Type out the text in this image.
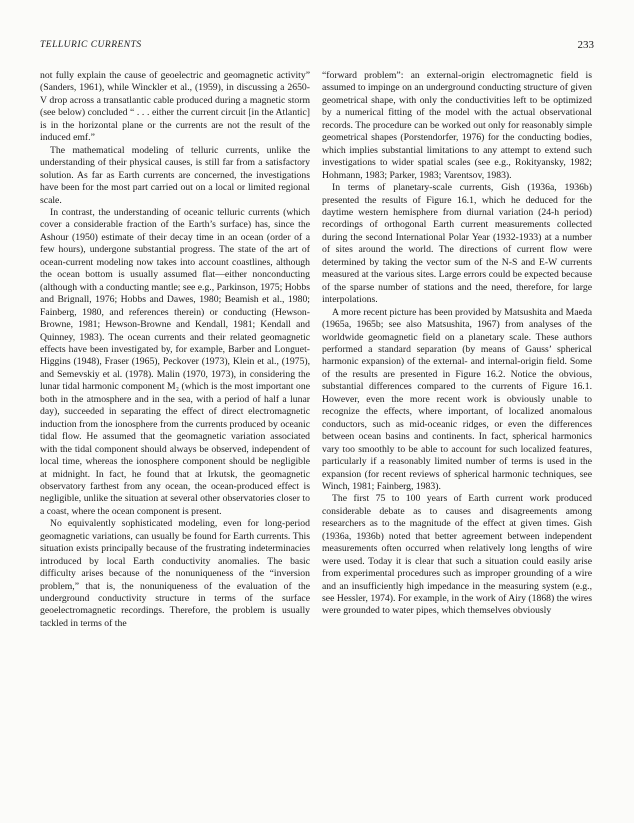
TELLURIC CURRENTS	233

not fully explain the cause of geoelectric and geomagnetic activity” (Sanders, 1961), while Winckler et al., (1959), in discussing a 2650-V drop across a transatlantic cable produced during a magnetic storm (see below) concluded “ . . . either the current circuit [in the Atlantic] is in the horizontal plane or the currents are not the result of the induced emf.”

The mathematical modeling of telluric currents, unlike the understanding of their physical causes, is still far from a satisfactory solution. As far as Earth currents are concerned, the investigations have been for the most part carried out on a local or limited regional scale.

In contrast, the understanding of oceanic telluric currents (which cover a considerable fraction of the Earth’s surface) has, since the Ashour (1950) estimate of their decay time in an ocean (order of a few hours), undergone substantial progress. The state of the art of ocean-current modeling now takes into account coastlines, although the ocean bottom is usually assumed flat—either nonconducting (although with a conducting mantle; see e.g., Parkinson, 1975; Hobbs and Brignall, 1976; Hobbs and Dawes, 1980; Beamish et al., 1980; Fainberg, 1980, and references therein) or conducting (Hewson-Browne, 1981; Hewson-Browne and Kendall, 1981; Kendall and Quinney, 1983). The ocean currents and their related geomagnetic effects have been investigated by, for example, Barber and Longuet-Higgins (1948), Fraser (1965), Peckover (1973), Klein et al., (1975), and Semevskiy et al. (1978). Malin (1970, 1973), in considering the lunar tidal harmonic component M₂ (which is the most important one both in the atmosphere and in the sea, with a period of half a lunar day), succeeded in separating the effect of direct electromagnetic induction from the ionosphere from the currents produced by oceanic tidal flow. He assumed that the geomagnetic variation associated with the tidal component should always be observed, independent of local time, whereas the ionosphere component should be negligible at midnight. In fact, he found that at Irkutsk, the geomagnetic observatory farthest from any ocean, the ocean-produced effect is negligible, unlike the situation at several other observatories closer to a coast, where the ocean component is present.

No equivalently sophisticated modeling, even for long-period geomagnetic variations, can usually be found for Earth currents. This situation exists principally because of the frustrating indeterminacies introduced by local Earth conductivity anomalies. The basic difficulty arises because of the nonuniqueness of the “inversion problem,” that is, the nonuniqueness of the evaluation of the underground conductivity structure in terms of the surface geoelectromagnetic recordings. Therefore, the problem is usually tackled in terms of the

“forward problem”: an external-origin electromagnetic field is assumed to impinge on an underground conducting structure of given geometrical shape, with only the conductivities left to be optimized by a numerical fitting of the model with the actual observational records. The procedure can be worked out only for reasonably simple geometrical shapes (Porstendorfer, 1976) for the conducting bodies, which implies substantial limitations to any attempt to extend such investigations to wider spatial scales (see e.g., Rokityansky, 1982; Hohmann, 1983; Parker, 1983; Varentsov, 1983).

In terms of planetary-scale currents, Gish (1936a, 1936b) presented the results of Figure 16.1, which he deduced for the daytime western hemisphere from diurnal variation (24-h period) recordings of orthogonal Earth current measurements collected during the second International Polar Year (1932-1933) at a number of sites around the world. The directions of current flow were determined by taking the vector sum of the N-S and E-W currents measured at the various sites. Large errors could be expected because of the sparse number of stations and the need, therefore, for large interpolations.

A more recent picture has been provided by Matsushita and Maeda (1965a, 1965b; see also Matsushita, 1967) from analyses of the worldwide geomagnetic field on a planetary scale. These authors performed a standard separation (by means of Gauss’ spherical harmonic expansion) of the external- and internal-origin field. Some of the results are presented in Figure 16.2. Notice the obvious, substantial differences compared to the currents of Figure 16.1. However, even the more recent work is obviously unable to recognize the effects, where important, of localized anomalous conductors, such as mid-oceanic ridges, or even the differences between ocean basins and continents. In fact, spherical harmonics vary too smoothly to be able to account for such localized features, particularly if a reasonably limited number of terms is used in the expansion (for recent reviews of spherical harmonic techniques, see Winch, 1981; Fainberg, 1983).

The first 75 to 100 years of Earth current work produced considerable debate as to causes and disagreements among researchers as to the magnitude of the effect at given times. Gish (1936a, 1936b) noted that better agreement between independent measurements often occurred when relatively long lengths of wire were used. Today it is clear that such a situation could easily arise from experimental procedures such as improper grounding of a wire and an insufficiently high impedance in the measuring system (e.g., see Hessler, 1974). For example, in the work of Airy (1868) the wires were grounded to water pipes, which themselves obviously
